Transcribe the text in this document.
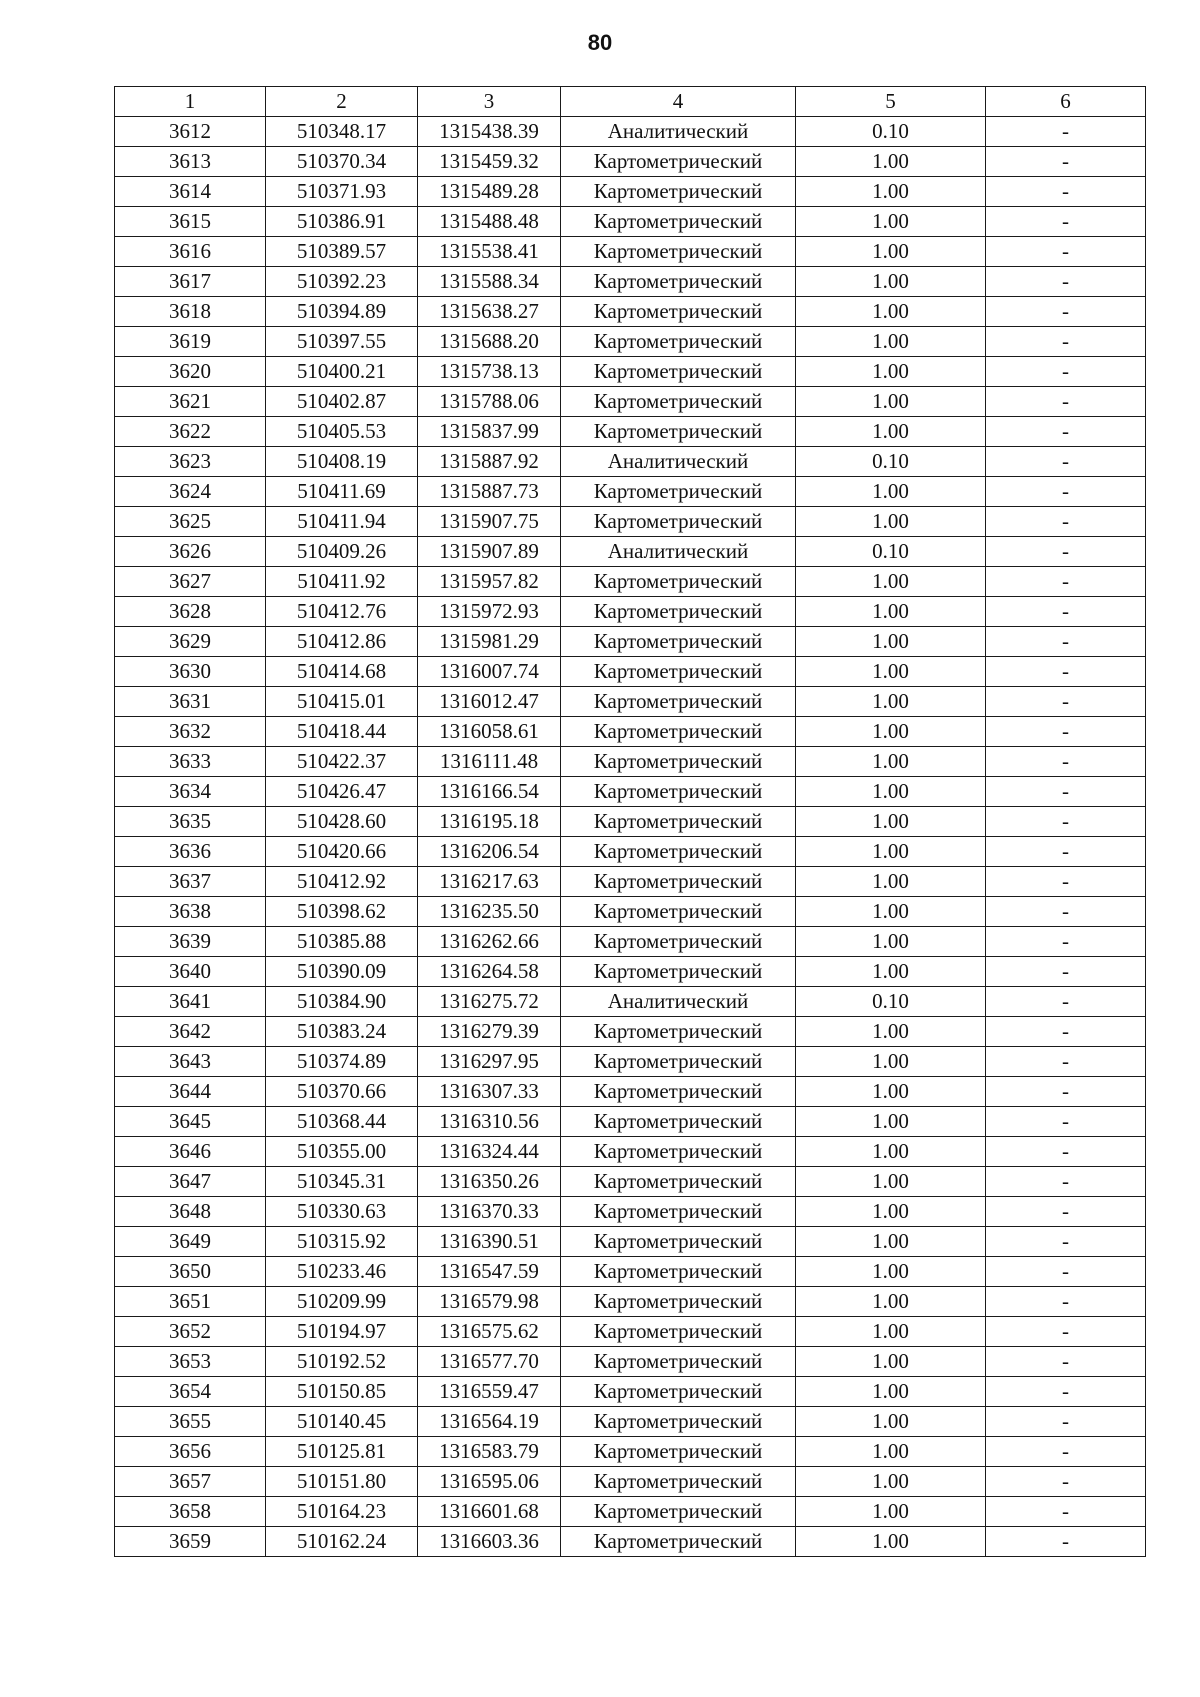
80
1	2	3	4	5	6
3612	510348.17	1315438.39	Аналитический	0.10	-
3613	510370.34	1315459.32	Картометрический	1.00	-
3614	510371.93	1315489.28	Картометрический	1.00	-
3615	510386.91	1315488.48	Картометрический	1.00	-
3616	510389.57	1315538.41	Картометрический	1.00	-
3617	510392.23	1315588.34	Картометрический	1.00	-
3618	510394.89	1315638.27	Картометрический	1.00	-
3619	510397.55	1315688.20	Картометрический	1.00	-
3620	510400.21	1315738.13	Картометрический	1.00	-
3621	510402.87	1315788.06	Картометрический	1.00	-
3622	510405.53	1315837.99	Картометрический	1.00	-
3623	510408.19	1315887.92	Аналитический	0.10	-
3624	510411.69	1315887.73	Картометрический	1.00	-
3625	510411.94	1315907.75	Картометрический	1.00	-
3626	510409.26	1315907.89	Аналитический	0.10	-
3627	510411.92	1315957.82	Картометрический	1.00	-
3628	510412.76	1315972.93	Картометрический	1.00	-
3629	510412.86	1315981.29	Картометрический	1.00	-
3630	510414.68	1316007.74	Картометрический	1.00	-
3631	510415.01	1316012.47	Картометрический	1.00	-
3632	510418.44	1316058.61	Картометрический	1.00	-
3633	510422.37	1316111.48	Картометрический	1.00	-
3634	510426.47	1316166.54	Картометрический	1.00	-
3635	510428.60	1316195.18	Картометрический	1.00	-
3636	510420.66	1316206.54	Картометрический	1.00	-
3637	510412.92	1316217.63	Картометрический	1.00	-
3638	510398.62	1316235.50	Картометрический	1.00	-
3639	510385.88	1316262.66	Картометрический	1.00	-
3640	510390.09	1316264.58	Картометрический	1.00	-
3641	510384.90	1316275.72	Аналитический	0.10	-
3642	510383.24	1316279.39	Картометрический	1.00	-
3643	510374.89	1316297.95	Картометрический	1.00	-
3644	510370.66	1316307.33	Картометрический	1.00	-
3645	510368.44	1316310.56	Картометрический	1.00	-
3646	510355.00	1316324.44	Картометрический	1.00	-
3647	510345.31	1316350.26	Картометрический	1.00	-
3648	510330.63	1316370.33	Картометрический	1.00	-
3649	510315.92	1316390.51	Картометрический	1.00	-
3650	510233.46	1316547.59	Картометрический	1.00	-
3651	510209.99	1316579.98	Картометрический	1.00	-
3652	510194.97	1316575.62	Картометрический	1.00	-
3653	510192.52	1316577.70	Картометрический	1.00	-
3654	510150.85	1316559.47	Картометрический	1.00	-
3655	510140.45	1316564.19	Картометрический	1.00	-
3656	510125.81	1316583.79	Картометрический	1.00	-
3657	510151.80	1316595.06	Картометрический	1.00	-
3658	510164.23	1316601.68	Картометрический	1.00	-
3659	510162.24	1316603.36	Картометрический	1.00	-
